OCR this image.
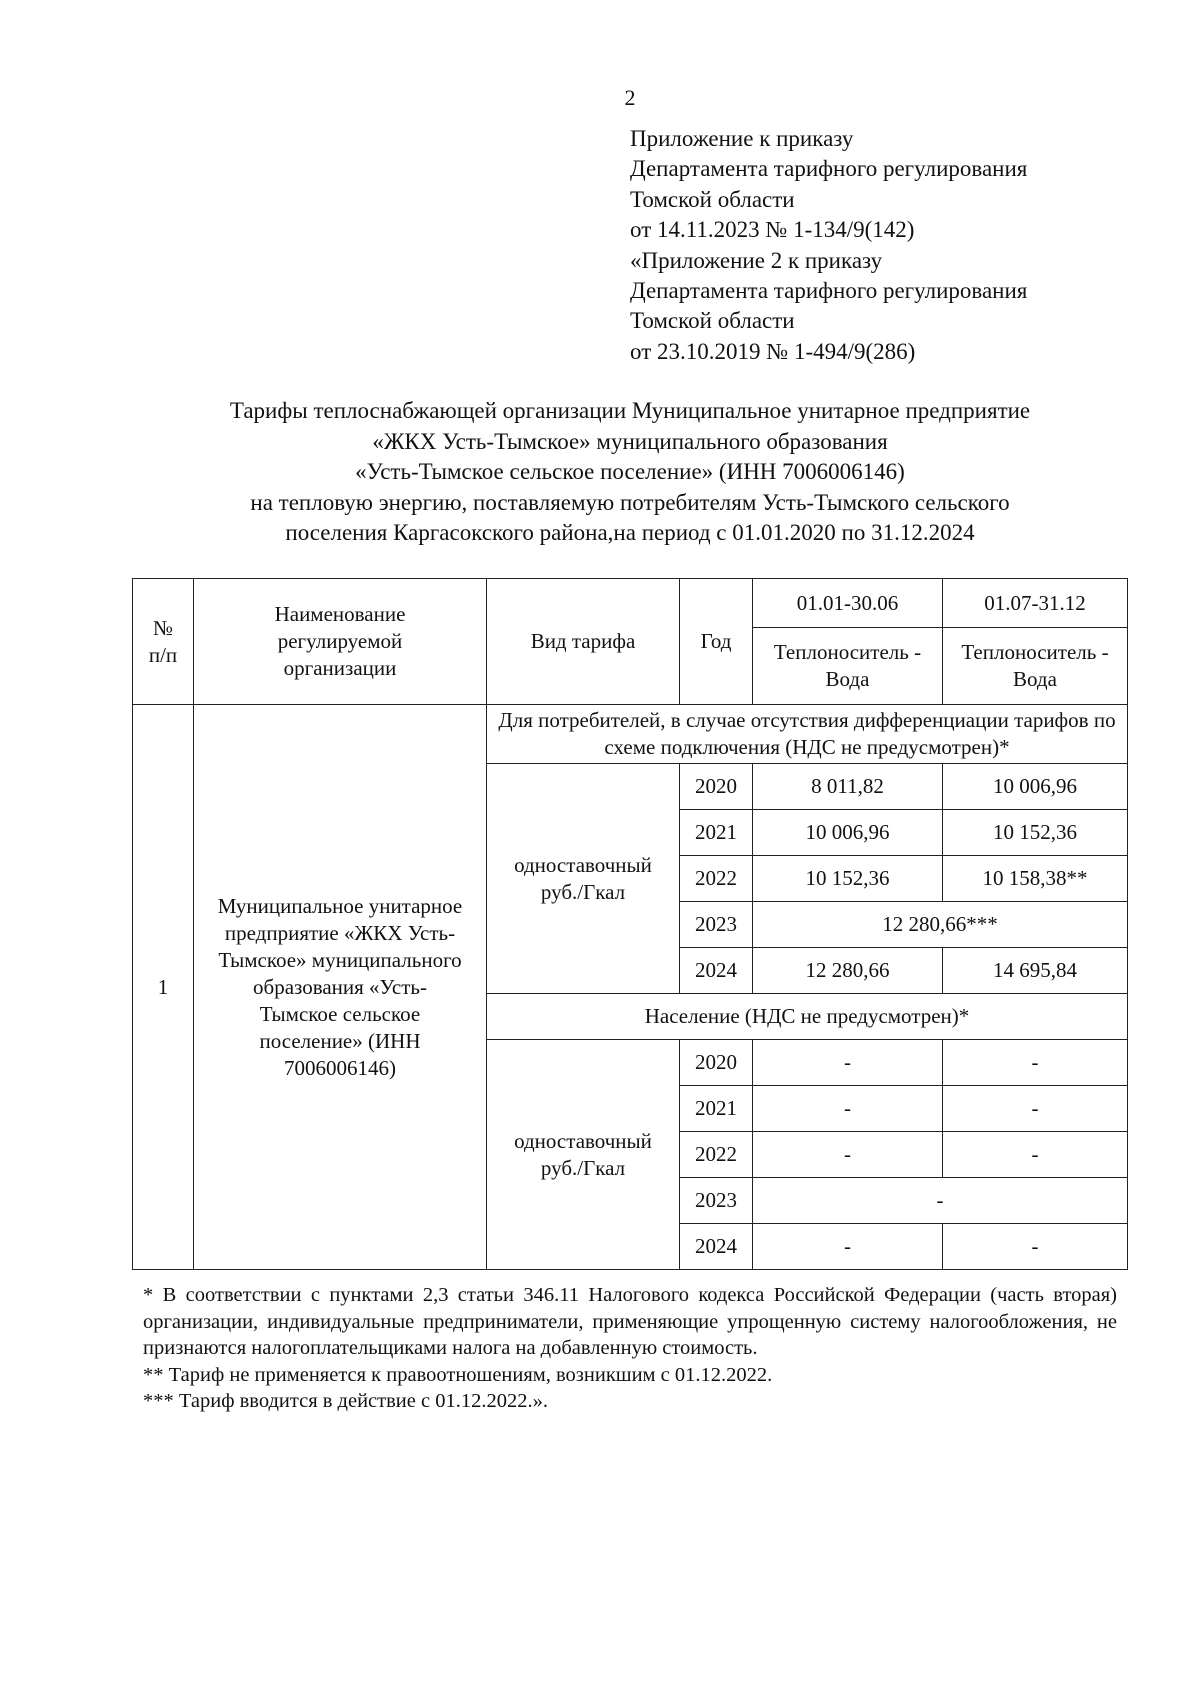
2
Приложение к приказу
Департамента тарифного регулирования
Томской области
от 14.11.2023 № 1-134/9(142)
«Приложение 2 к приказу
Департамента тарифного регулирования
Томской области
от 23.10.2019 № 1-494/9(286)
Тарифы теплоснабжающей организации Муниципальное унитарное предприятие
«ЖКХ Усть-Тымское» муниципального образования
«Усть-Тымское сельское поселение» (ИНН 7006006146)
на тепловую энергию, поставляемую потребителям Усть-Тымского сельского
поселения Каргасокского района,на период с 01.01.2020 по 31.12.2024
№ п/п	Наименование регулируемой организации	Вид тарифа	Год	01.01-30.06	01.07-31.12
				Теплоноситель - Вода	Теплоноситель - Вода
1	Муниципальное унитарное предприятие «ЖКХ Усть-Тымское» муниципального образования «Усть-Тымское сельское поселение» (ИНН 7006006146)	Для потребителей, в случае отсутствия дифференциации тарифов по схеме подключения (НДС не предусмотрен)*			
		одноставочный руб./Гкал	2020	8 011,82	10 006,96
			2021	10 006,96	10 152,36
			2022	10 152,36	10 158,38**
			2023	12 280,66***	
			2024	12 280,66	14 695,84
		Население (НДС не предусмотрен)*			
		одноставочный руб./Гкал	2020	-	-
			2021	-	-
			2022	-	-
			2023	-	
			2024	-	-
* В соответствии с пунктами 2,3 статьи 346.11 Налогового кодекса Российской Федерации (часть вторая) организации, индивидуальные предприниматели, применяющие упрощенную систему налогообложения, не признаются налогоплательщиками налога на добавленную стоимость.
** Тариф не применяется к правоотношениям, возникшим с 01.12.2022.
*** Тариф вводится в действие с 01.12.2022.».
